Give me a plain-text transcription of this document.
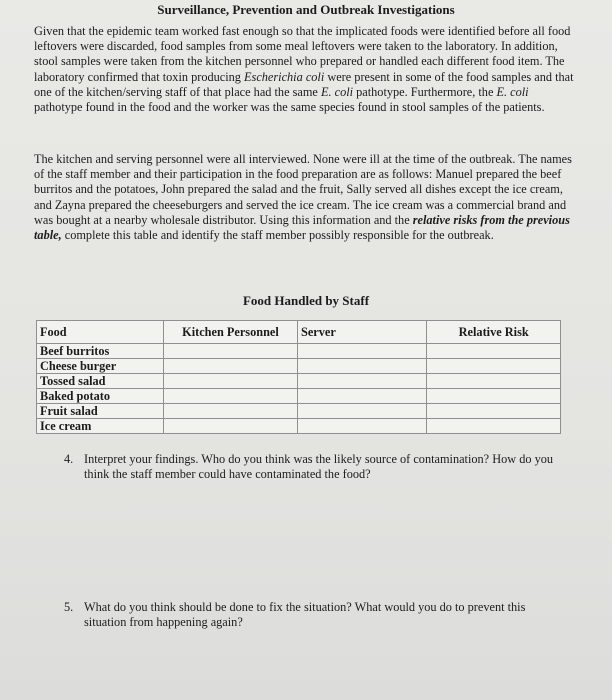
Surveillance, Prevention and Outbreak Investigations

Given that the epidemic team worked fast enough so that the implicated foods were identified before all food leftovers were discarded, food samples from some meal leftovers were taken to the laboratory. In addition, stool samples were taken from the kitchen personnel who prepared or handled each different food item. The laboratory confirmed that toxin producing Escherichia coli were present in some of the food samples and that one of the kitchen/serving staff of that place had the same E. coli pathotype. Furthermore, the E. coli pathotype found in the food and the worker was the same species found in stool samples of the patients.

The kitchen and serving personnel were all interviewed. None were ill at the time of the outbreak. The names of the staff member and their participation in the food preparation are as follows: Manuel prepared the beef burritos and the potatoes, John prepared the salad and the fruit, Sally served all dishes except the ice cream, and Zayna prepared the cheeseburgers and served the ice cream. The ice cream was a commercial brand and was bought at a nearby wholesale distributor. Using this information and the relative risks from the previous table, complete this table and identify the staff member possibly responsible for the outbreak.

Food Handled by Staff
Food	Kitchen Personnel	Server	Relative Risk
Beef burritos			
Cheese burger			
Tossed salad			
Baked potato			
Fruit salad			
Ice cream			

4. Interpret your findings. Who do you think was the likely source of contamination? How do you think the staff member could have contaminated the food?

5. What do you think should be done to fix the situation? What would you do to prevent this situation from happening again?
